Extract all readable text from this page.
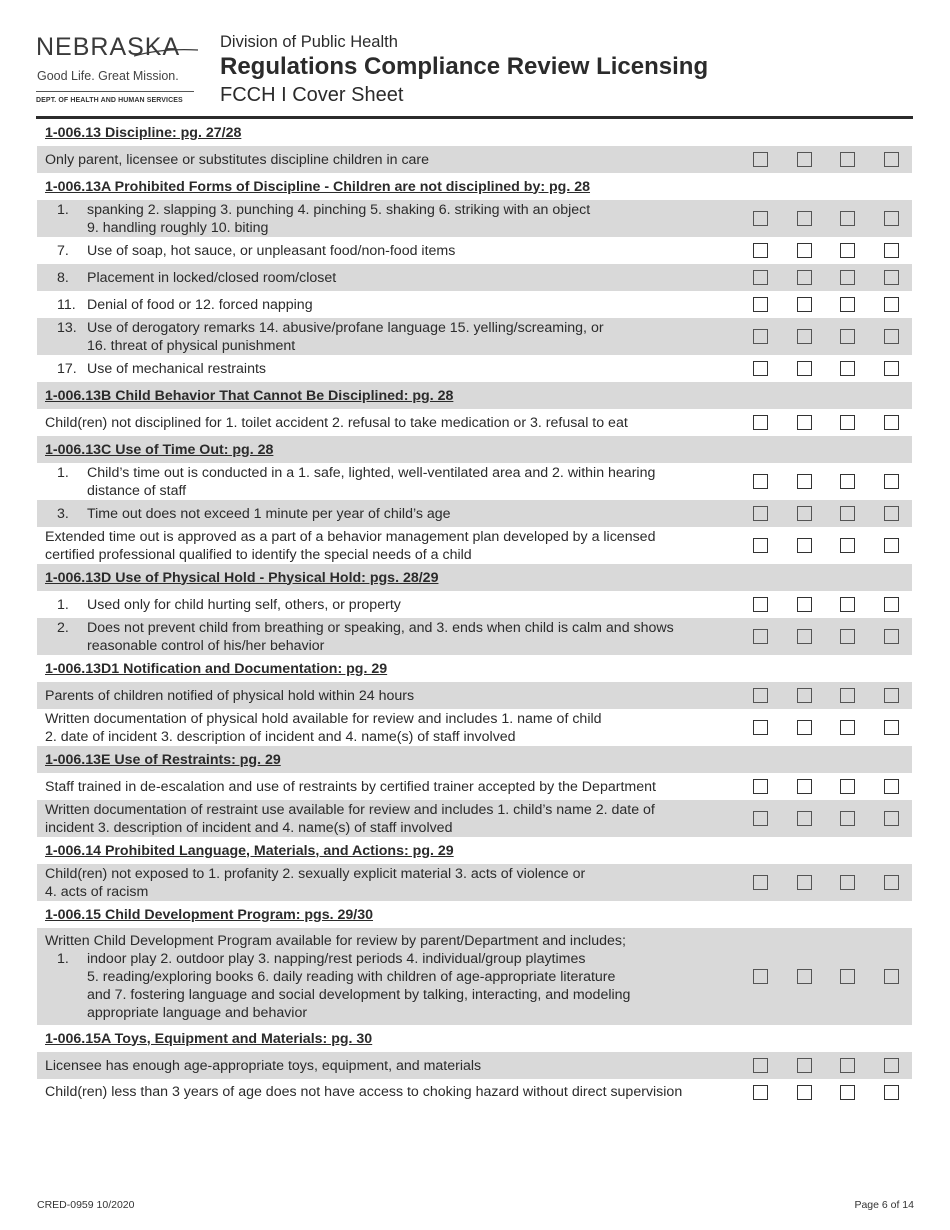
NEBRASKA
Good Life. Great Mission.
DEPT. OF HEALTH AND HUMAN SERVICES
Division of Public Health
Regulations Compliance Review Licensing
FCCH I Cover Sheet
1-006.13 Discipline: pg. 27/28
Only parent, licensee or substitutes discipline children in care
1-006.13A Prohibited Forms of Discipline - Children are not disciplined by: pg. 28
1.	spanking 2. slapping 3. punching 4. pinching 5. shaking 6. striking with an object
9. handling roughly 10. biting
7.	Use of soap, hot sauce, or unpleasant food/non-food items
8.	Placement in locked/closed room/closet
11. Denial of food or 12. forced napping
13. Use of derogatory remarks 14. abusive/profane language 15. yelling/screaming, or
16. threat of physical punishment
17. Use of mechanical restraints
1-006.13B Child Behavior That Cannot Be Disciplined: pg. 28
Child(ren) not disciplined for 1. toilet accident 2. refusal to take medication or 3. refusal to eat
1-006.13C Use of Time Out: pg. 28
1.	Child’s time out is conducted in a 1. safe, lighted, well-ventilated area and 2. within hearing
distance of staff
3.	Time out does not exceed 1 minute per year of child’s age
Extended time out is approved as a part of a behavior management plan developed by a licensed
certified professional qualified to identify the special needs of a child
1-006.13D Use of Physical Hold - Physical Hold: pgs. 28/29
1.	Used only for child hurting self, others, or property
2.	Does not prevent child from breathing or speaking, and 3. ends when child is calm and shows
reasonable control of his/her behavior
1-006.13D1 Notification and Documentation: pg. 29
Parents of children notified of physical hold within 24 hours
Written documentation of physical hold available for review and includes 1. name of child
2. date of incident 3. description of incident and 4. name(s) of staff involved
1-006.13E Use of Restraints: pg. 29
Staff trained in de-escalation and use of restraints by certified trainer accepted by the Department
Written documentation of restraint use available for review and includes 1. child’s name 2. date of
incident 3. description of incident and 4. name(s) of staff involved
1-006.14 Prohibited Language, Materials, and Actions: pg. 29
Child(ren) not exposed to 1. profanity 2. sexually explicit material 3. acts of violence or
4. acts of racism
1-006.15 Child Development Program: pgs. 29/30
Written Child Development Program available for review by parent/Department and includes;
1.	indoor play 2. outdoor play 3. napping/rest periods 4. individual/group playtimes
5. reading/exploring books 6. daily reading with children of age-appropriate literature
and 7. fostering language and social development by talking, interacting, and modeling
appropriate language and behavior
1-006.15A Toys, Equipment and Materials: pg. 30
Licensee has enough age-appropriate toys, equipment, and materials
Child(ren) less than 3 years of age does not have access to choking hazard without direct supervision
CRED-0959 10/2020	Page 6 of 14
